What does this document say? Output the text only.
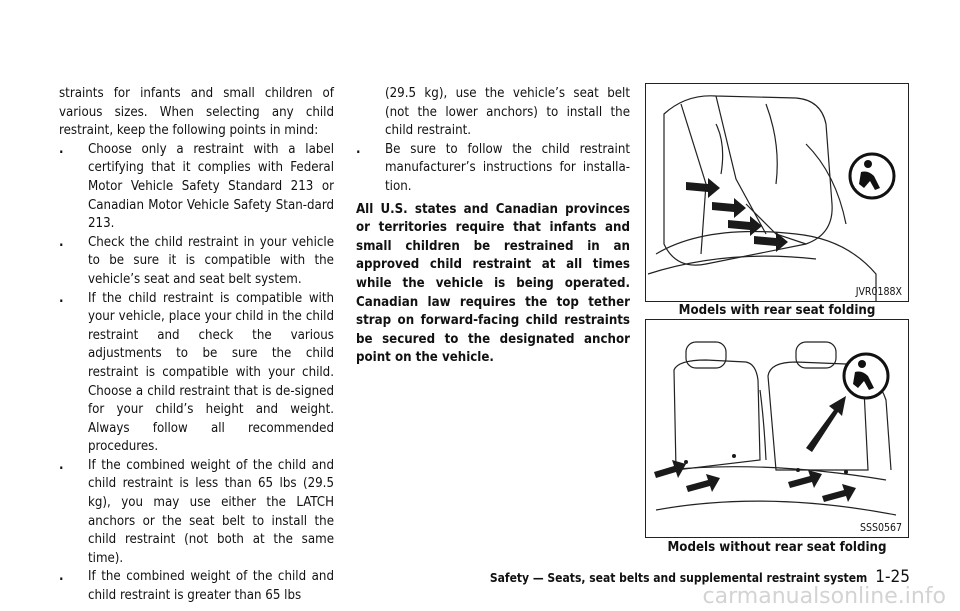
straints for infants and small children of various sizes. When selecting any child restraint, keep the following points in mind:

. Choose only a restraint with a label certifying that it complies with Federal Motor Vehicle Safety Standard 213 or Canadian Motor Vehicle Safety Stan-dard 213.
. Check the child restraint in your vehicle to be sure it is compatible with the vehicle’s seat and seat belt system.
. If the child restraint is compatible with your vehicle, place your child in the child restraint and check the various adjustments to be sure the child restraint is compatible with your child. Choose a child restraint that is de-signed for your child’s height and weight. Always follow all recommended procedures.
. If the combined weight of the child and child restraint is less than 65 lbs (29.5 kg), you may use either the LATCH anchors or the seat belt to install the child restraint (not both at the same time).
. If the combined weight of the child and child restraint is greater than 65 lbs

(29.5 kg), use the vehicle’s seat belt (not the lower anchors) to install the child restraint.

. Be sure to follow the child restraint manufacturer’s instructions for installa-tion.

All U.S. states and Canadian provinces or territories require that infants and small children be restrained in an approved child restraint at all times while the vehicle is being operated. Canadian law requires the top tether strap on forward-facing child restraints be secured to the designated anchor point on the vehicle.

JVR0188X
Models with rear seat folding
SSS0567
Models without rear seat folding
Safety — Seats, seat belts and supplemental restraint system 1-25
carmanualsonline.info
